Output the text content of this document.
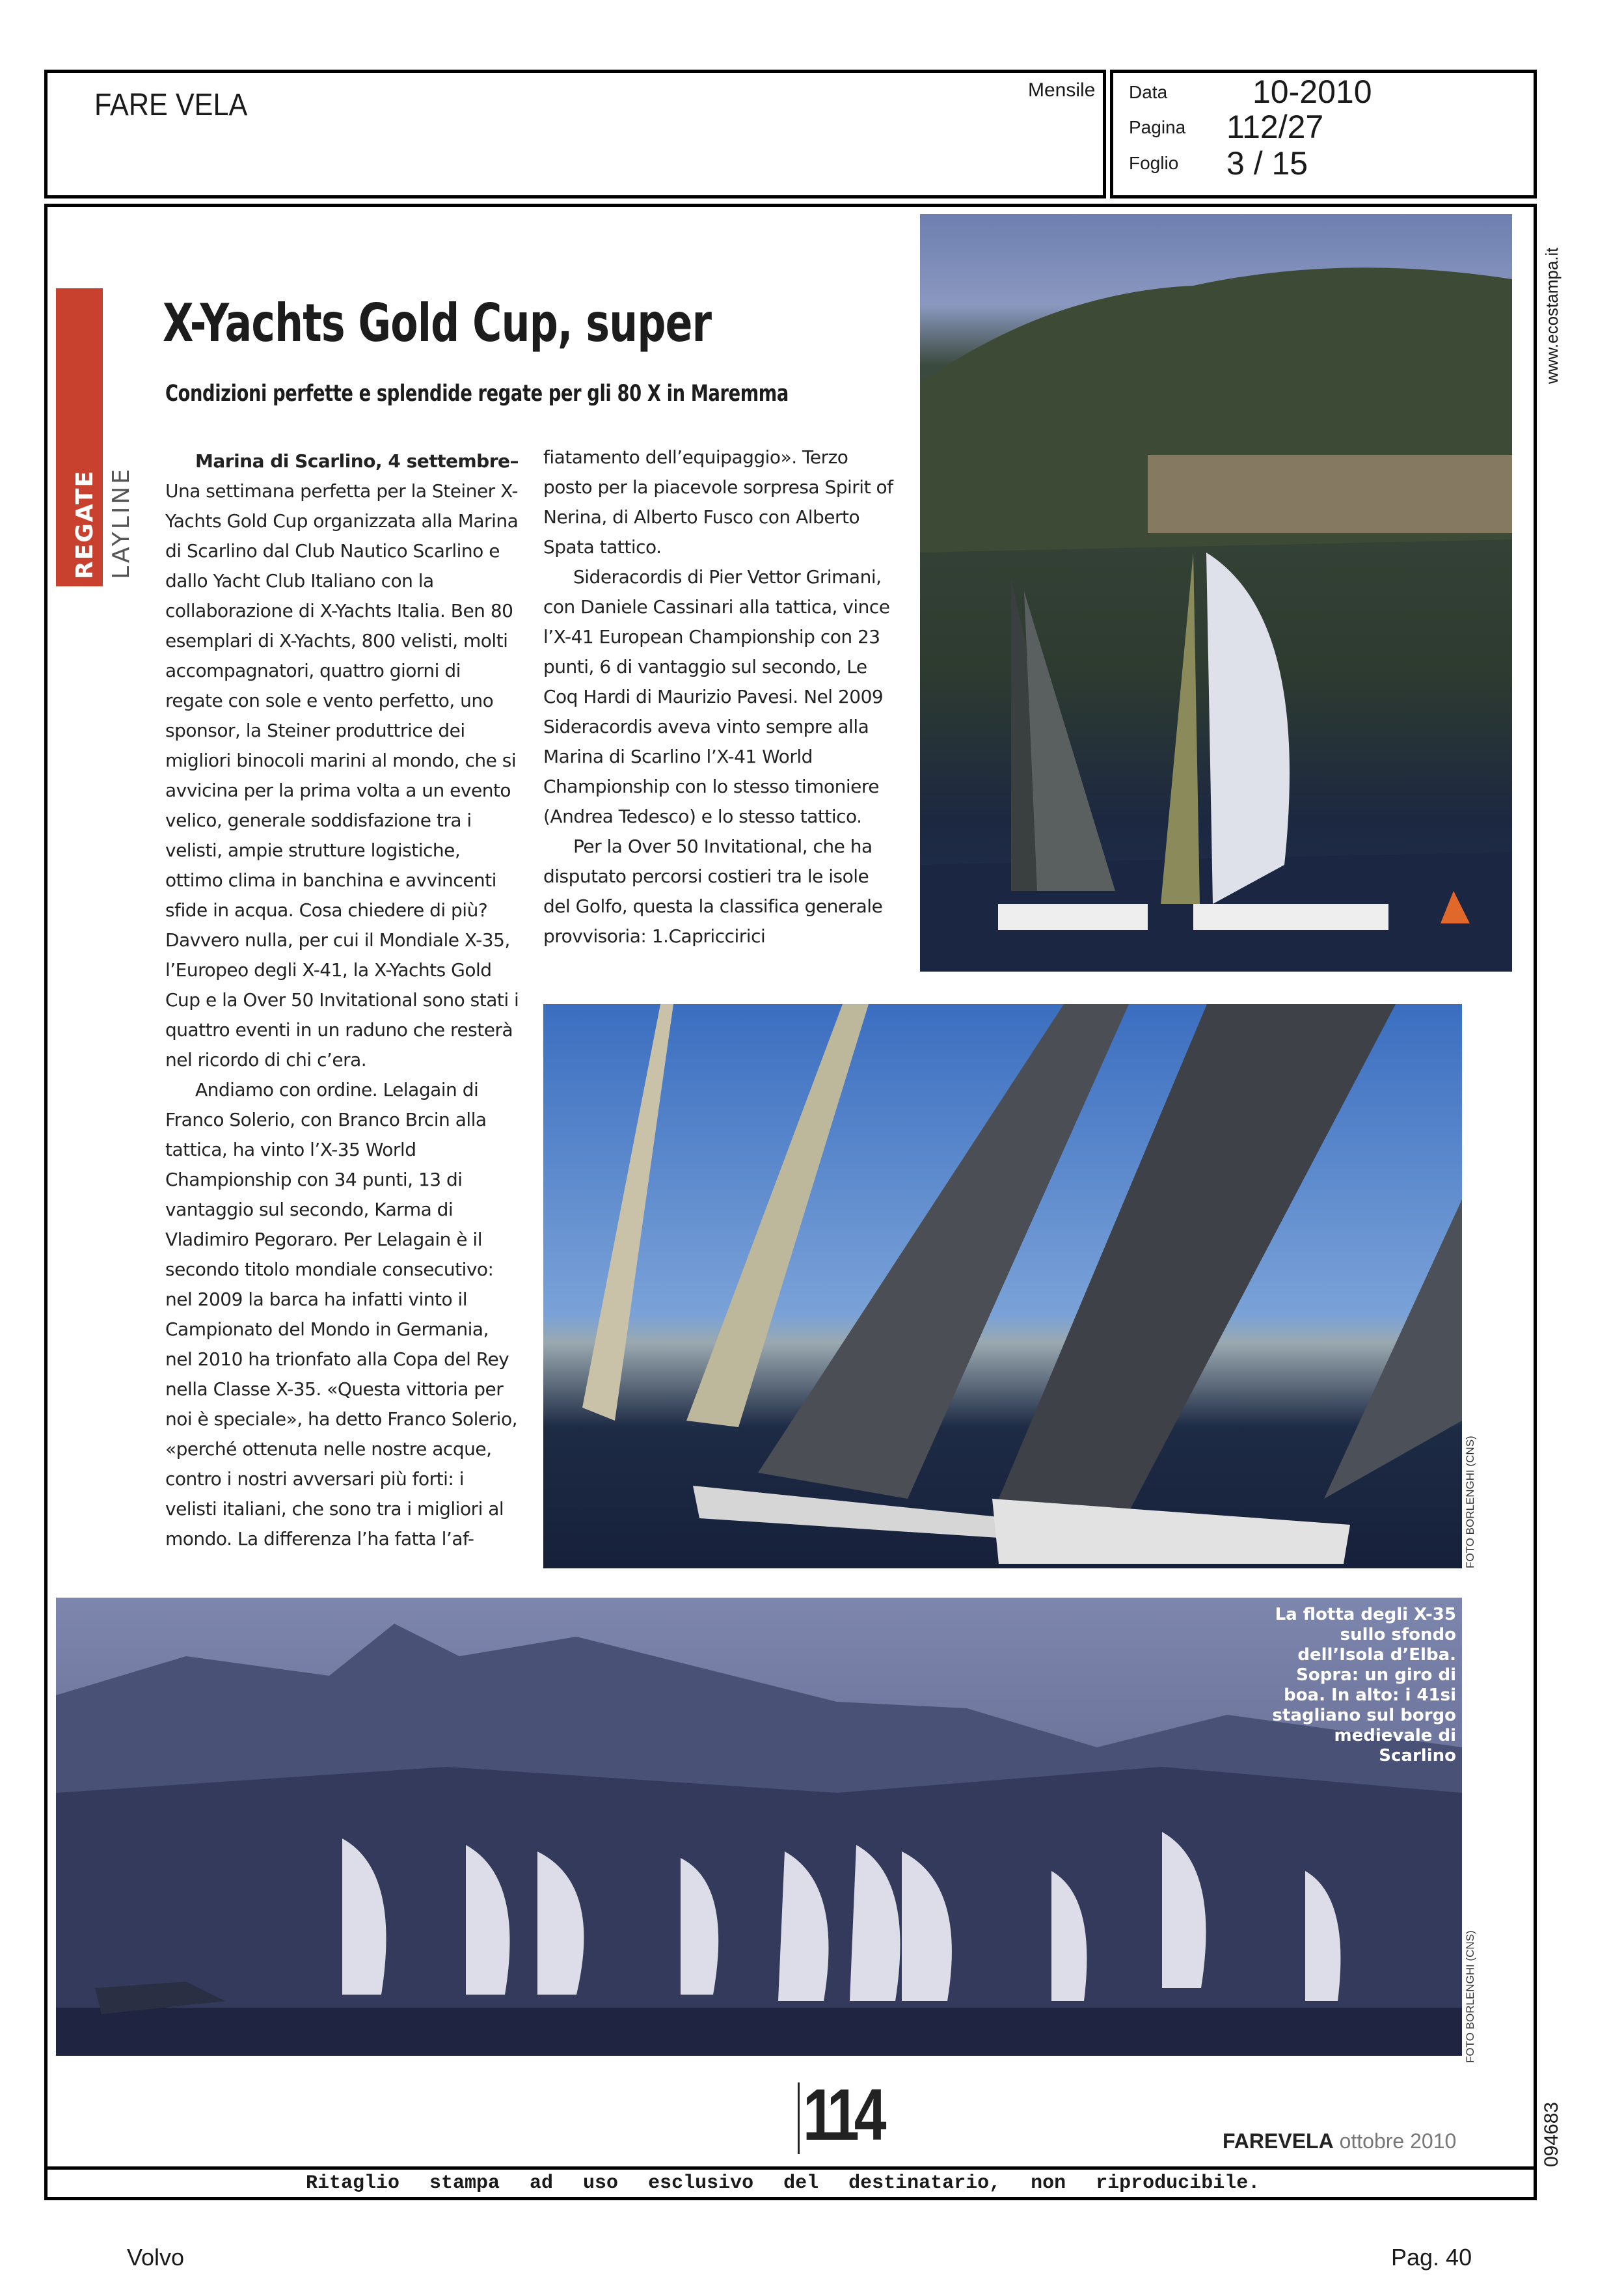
FARE VELA	Mensile Data	10-2010
Pagina 112/27
Foglio 3 / 15
www.ecostampa.it
094683
REGATE LAYLINE
X-Yachts Gold Cup, super
Condizioni perfette e splendide regate per gli 80 X in Maremma

Marina di Scarlino, 4 settembre– Una settimana perfetta per la Steiner X-Yachts Gold Cup organizzata alla Marina di Scarlino dal Club Nautico Scarlino e dallo Yacht Club Italiano con la collaborazione di X-Yachts Italia. Ben 80 esemplari di X-Yachts, 800 velisti, molti accompagnatori, quattro giorni di regate con sole e vento perfetto, uno sponsor, la Steiner produttrice dei migliori binocoli marini al mondo, che si avvicina per la prima volta a un evento velico, generale soddisfazione tra i velisti, ampie strutture logistiche, ottimo clima in banchina e avvincenti sfide in acqua. Cosa chiedere di più? Davvero nulla, per cui il Mondiale X-35, l’Europeo degli X-41, la X-Yachts Gold Cup e la Over 50 Invitational sono stati i quattro eventi in un raduno che resterà nel ricordo di chi c’era.

Andiamo con ordine. Lelagain di Franco Solerio, con Branco Brcin alla tattica, ha vinto l’X-35 World Championship con 34 punti, 13 di vantaggio sul secondo, Karma di Vladimiro Pegoraro. Per Lelagain è il secondo titolo mondiale consecutivo: nel 2009 la barca ha infatti vinto il Campionato del Mondo in Germania, nel 2010 ha trionfato alla Copa del Rey nella Classe X-35. «Questa vittoria per noi è speciale», ha detto Franco Solerio, «perché ottenuta nelle nostre acque, contro i nostri avversari più forti: i velisti italiani, che sono tra i migliori al mondo. La differenza l’ha fatta l’af-

fiatamento dell’equipaggio». Terzo posto per la piacevole sorpresa Spirit of Nerina, di Alberto Fusco con Alberto Spata tattico.

Sideracordis di Pier Vettor Grimani, con Daniele Cassinari alla tattica, vince l’X-41 European Championship con 23 punti, 6 di vantaggio sul secondo, Le Coq Hardi di Maurizio Pavesi. Nel 2009 Sideracordis aveva vinto sempre alla Marina di Scarlino l’X-41 World Championship con lo stesso timoniere (Andrea Tedesco) e lo stesso tattico.

Per la Over 50 Invitational, che ha disputato percorsi costieri tra le isole del Golfo, questa la classifica generale provvisoria: 1.Capriccirici

FOTO BORLENGHI (CNS)
La flotta degli X-35 sullo sfondo dell’Isola d’Elba. Sopra: un giro di boa. In alto: i 41si stagliano sul borgo medievale di Scarlino
FOTO BORLENGHI (CNS)
114	FAREVELA ottobre 2010
Ritaglio stampa ad uso esclusivo del destinatario, non riproducibile.
Volvo	Pag. 40
